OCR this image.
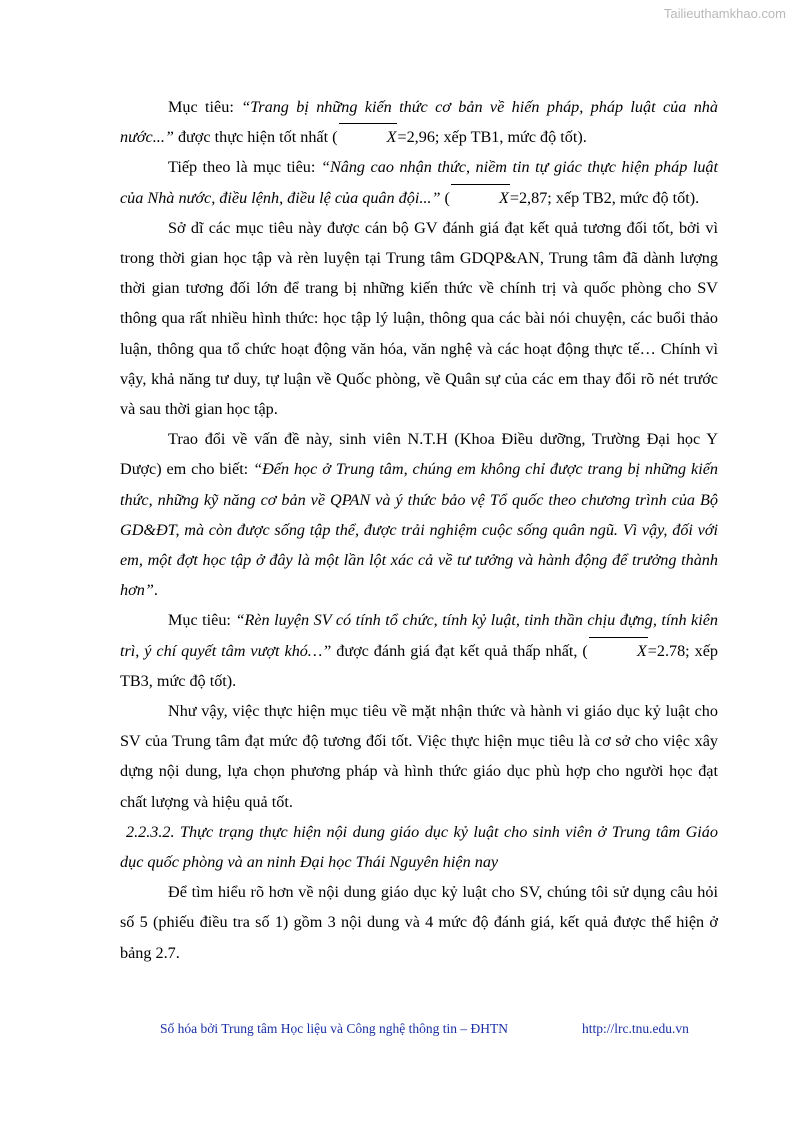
Tailieuthamkhao.com

Mục tiêu: “Trang bị những kiến thức cơ bản về hiến pháp, pháp luật của nhà nước...” được thực hiện tốt nhất (	X=2,96; xếp TB1, mức độ tốt).

Tiếp theo là mục tiêu: “Nâng cao nhận thức, niềm tin tự giác thực hiện pháp luật của Nhà nước, điều lệnh, điều lệ của quân đội...” (	X=2,87; xếp TB2, mức độ tốt).

Sở dĩ các mục tiêu này được cán bộ GV đánh giá đạt kết quả tương đối tốt, bởi vì trong thời gian học tập và rèn luyện tại Trung tâm GDQP&AN, Trung tâm đã dành lượng thời gian tương đối lớn để trang bị những kiến thức về chính trị và quốc phòng cho SV thông qua rất nhiều hình thức: học tập lý luận, thông qua các bài nói chuyện, các buổi thảo luận, thông qua tổ chức hoạt động văn hóa, văn nghệ và các hoạt động thực tế… Chính vì vậy, khả năng tư duy, tự luận về Quốc phòng, về Quân sự của các em thay đổi rõ nét trước và sau thời gian học tập.

Trao đổi về vấn đề này, sinh viên N.T.H (Khoa Điều dưỡng, Trường Đại học Y Dược) em cho biết: “Đến học ở Trung tâm, chúng em không chỉ được trang bị những kiến thức, những kỹ năng cơ bản về QPAN và ý thức bảo vệ Tổ quốc theo chương trình của Bộ GD&ĐT, mà còn được sống tập thể, được trải nghiệm cuộc sống quân ngũ. Vì vậy, đối với em, một đợt học tập ở đây là một lần lột xác cả về tư tưởng và hành động để trưởng thành hơn”.

Mục tiêu: “Rèn luyện SV có tính tổ chức, tính kỷ luật, tinh thần chịu đựng, tính kiên trì, ý chí quyết tâm vượt khó…” được đánh giá đạt kết quả thấp nhất, (	X=2.78; xếp TB3, mức độ tốt).

Như vậy, việc thực hiện mục tiêu về mặt nhận thức và hành vi giáo dục kỷ luật cho SV của Trung tâm đạt mức độ tương đối tốt. Việc thực hiện mục tiêu là cơ sở cho việc xây dựng nội dung, lựa chọn phương pháp và hình thức giáo dục phù hợp cho người học đạt chất lượng và hiệu quả tốt.

2.2.3.2. Thực trạng thực hiện nội dung giáo dục kỷ luật cho sinh viên ở Trung tâm Giáo dục quốc phòng và an ninh Đại học Thái Nguyên hiện nay

Để tìm hiểu rõ hơn về nội dung giáo dục kỷ luật cho SV, chúng tôi sử dụng câu hỏi số 5 (phiếu điều tra số 1) gồm 3 nội dung và 4 mức độ đánh giá, kết quả được thể hiện ở bảng 2.7.

Số hóa bởi Trung tâm Học liệu và Công nghệ thông tin – ĐHTN	http://lrc.tnu.edu.vn
